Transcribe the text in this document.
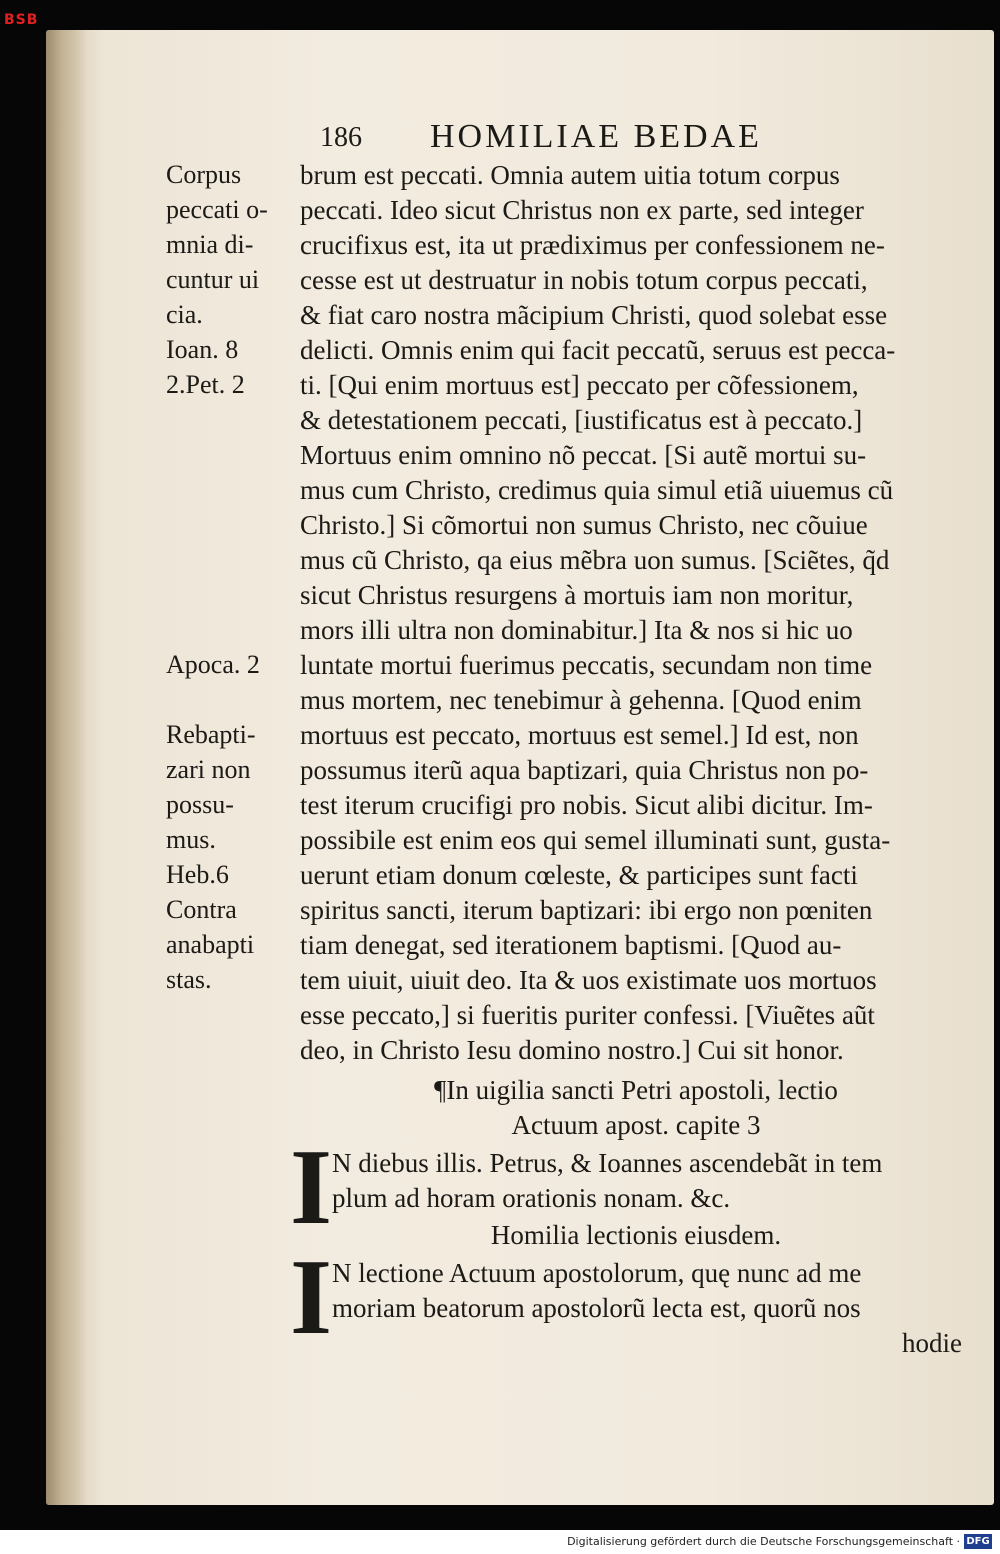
BSB
186 HOMILIAE BEDAE
Corpus
peccati o-
mnia di-
cuntur ui
cia.
Ioan. 8
2.Pet. 2
Apoca. 2
Rebapti-
zari non
possu-
mus.
Heb.6
Contra
anabapti
stas.
brum est peccati. Omnia autem uitia totum corpus
peccati. Ideo sicut Christus non ex parte, sed integer
crucifixus est, ita ut prædiximus per confessionem ne-
cesse est ut destruatur in nobis totum corpus peccati,
& fiat caro nostra mãcipium Christi, quod solebat esse
delicti. Omnis enim qui facit peccatũ, seruus est pecca-
ti. [Qui enim mortuus est] peccato per cõfessionem,
& detestationem peccati, [iustificatus est à peccato.]
Mortuus enim omnino nõ peccat. [Si autẽ mortui su-
mus cum Christo, credimus quia simul etiã uiuemus cũ
Christo.] Si cõmortui non sumus Christo, nec cõuiue
mus cũ Christo, qa eius mẽbra uon sumus. [Sciẽtes, q̃d
sicut Christus resurgens à mortuis iam non moritur,
mors illi ultra non dominabitur.] Ita & nos si hic uo
luntate mortui fuerimus peccatis, secundam non time
mus mortem, nec tenebimur à gehenna. [Quod enim
mortuus est peccato, mortuus est semel.] Id est, non
possumus iterũ aqua baptizari, quia Christus non po-
test iterum crucifigi pro nobis. Sicut alibi dicitur. Im-
possibile est enim eos qui semel illuminati sunt, gusta-
uerunt etiam donum cœleste, & participes sunt facti
spiritus sancti, iterum baptizari: ibi ergo non pœniten
tiam denegat, sed iterationem baptismi. [Quod au-
tem uiuit, uiuit deo. Ita & uos existimate uos mortuos
esse peccato,] si fueritis puriter confessi. [Viuẽtes aũt
deo, in Christo Iesu domino nostro.] Cui sit honor.
¶In uigilia sancti Petri apostoli, lectio
Actuum apost. capite 3
N diebus illis. Petrus, & Ioannes ascendebãt in tem
plum ad horam orationis nonam. &c.
Homilia lectionis eiusdem.
N lectione Actuum apostolorum, quę nunc ad me
moriam beatorum apostolorũ lecta est, quorũ nos
hodie
I
I
Digitalisierung gefördert durch die Deutsche Forschungsgemeinschaft · DFG
